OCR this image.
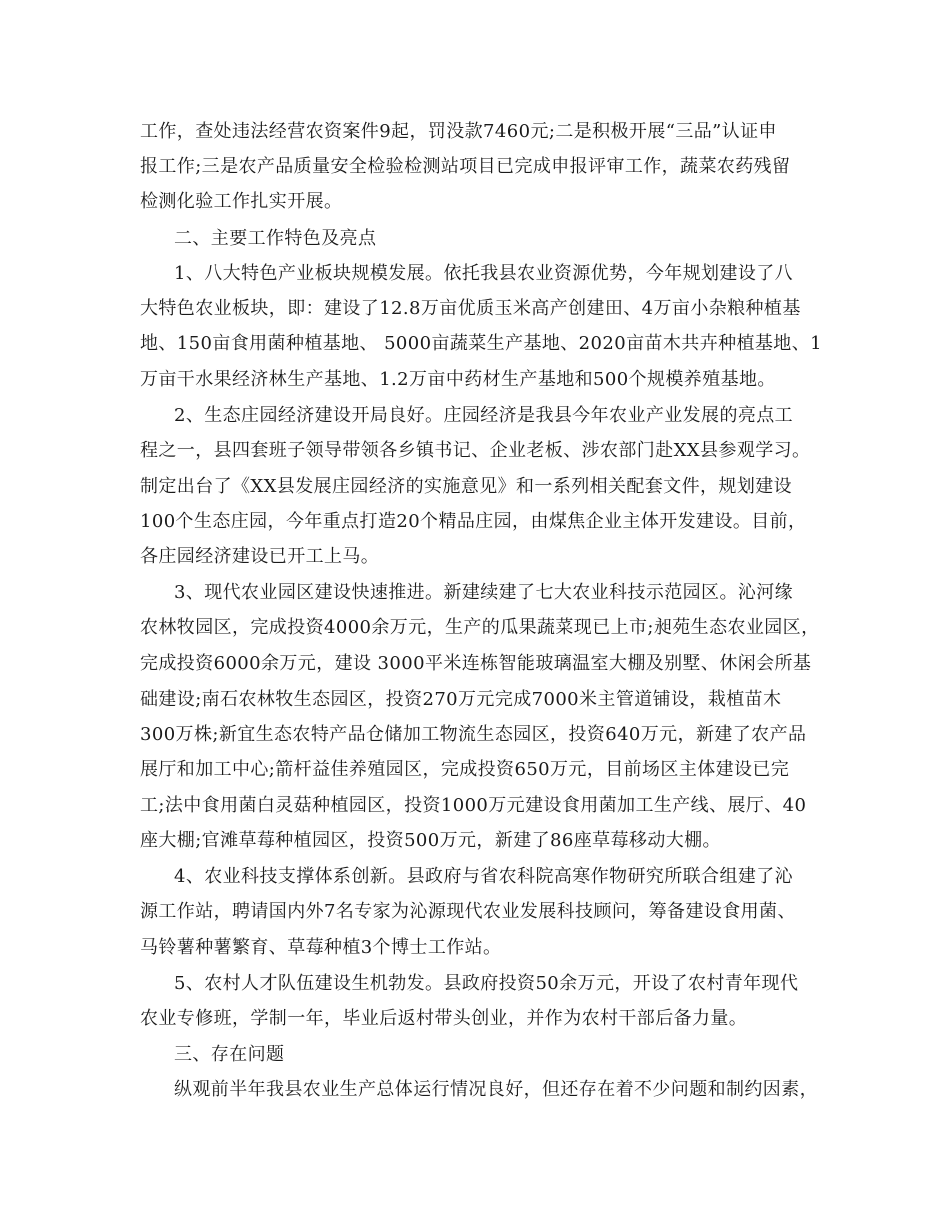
工作，查处违法经营农资案件9起，罚没款7460元;二是积极开展“三品”认证申
报工作;三是农产品质量安全检验检测站项目已完成申报评审工作，蔬菜农药残留
检测化验工作扎实开展。
二、主要工作特色及亮点
1、八大特色产业板块规模发展。依托我县农业资源优势，今年规划建设了八
大特色农业板块，即：建设了12.8万亩优质玉米高产创建田、4万亩小杂粮种植基
地、150亩食用菌种植基地、 5000亩蔬菜生产基地、2020亩苗木共卉种植基地、1
万亩干水果经济林生产基地、1.2万亩中药材生产基地和500个规模养殖基地。
2、生态庄园经济建设开局良好。庄园经济是我县今年农业产业发展的亮点工
程之一，县四套班子领导带领各乡镇书记、企业老板、涉农部门赴XX县参观学习。
制定出台了《XX县发展庄园经济的实施意见》和一系列相关配套文件，规划建设
100个生态庄园，今年重点打造20个精品庄园，由煤焦企业主体开发建设。目前，
各庄园经济建设已开工上马。
3、现代农业园区建设快速推进。新建续建了七大农业科技示范园区。沁河缘
农林牧园区，完成投资4000余万元，生产的瓜果蔬菜现已上市;昶苑生态农业园区，
完成投资6000余万元，建设 3000平米连栋智能玻璃温室大棚及别墅、休闲会所基
础建设;南石农林牧生态园区，投资270万元完成7000米主管道铺设，栽植苗木
300万株;新宜生态农特产品仓储加工物流生态园区，投资640万元，新建了农产品
展厅和加工中心;箭杆益佳养殖园区，完成投资650万元，目前场区主体建设已完
工;法中食用菌白灵菇种植园区，投资1000万元建设食用菌加工生产线、展厅、40
座大棚;官滩草莓种植园区，投资500万元，新建了86座草莓移动大棚。
4、农业科技支撑体系创新。县政府与省农科院高寒作物研究所联合组建了沁
源工作站，聘请国内外7名专家为沁源现代农业发展科技顾问，筹备建设食用菌、
马铃薯种薯繁育、草莓种植3个博士工作站。
5、农村人才队伍建设生机勃发。县政府投资50余万元，开设了农村青年现代
农业专修班，学制一年，毕业后返村带头创业，并作为农村干部后备力量。
三、存在问题
纵观前半年我县农业生产总体运行情况良好，但还存在着不少问题和制约因素，
